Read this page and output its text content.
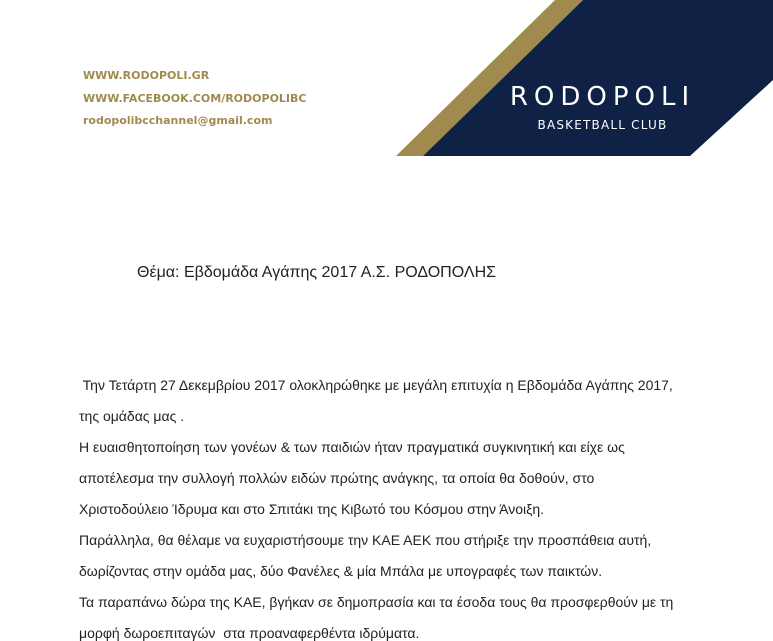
WWW.RODOPOLI.GR
WWW.FACEBOOK.COM/RODOPOLIBC
rodopolibcchannel@gmail.com
RODOPOLI
BASKETBALL CLUB
Θέμα: Εβδομάδα Αγάπης 2017 Α.Σ. ΡΟΔΟΠΟΛΗΣ

Την Τετάρτη 27 Δεκεμβρίου 2017 ολοκληρώθηκε με μεγάλη επιτυχία η Εβδομάδα Αγάπης 2017,

της ομάδας μας .

Η ευαισθητοποίηση των γονέων & των παιδιών ήταν πραγματικά συγκινητική και είχε ως

αποτέλεσμα την συλλογή πολλών ειδών πρώτης ανάγκης, τα οποία θα δοθούν, στο

Χριστοδούλειο Ίδρυμα και στο Σπιτάκι της Κιβωτό του Κόσμου στην Άνοιξη.

Παράλληλα, θα θέλαμε να ευχαριστήσουμε την ΚΑΕ ΑΕΚ που στήριξε την προσπάθεια αυτή,

δωρίζοντας στην ομάδα μας, δύο Φανέλες & μία Μπάλα με υπογραφές των παικτών.

Τα παραπάνω δώρα της ΚΑΕ, βγήκαν σε δημοπρασία και τα έσοδα τους θα προσφερθούν με τη

μορφή δωροεπιταγών  στα προαναφερθέντα ιδρύματα.
